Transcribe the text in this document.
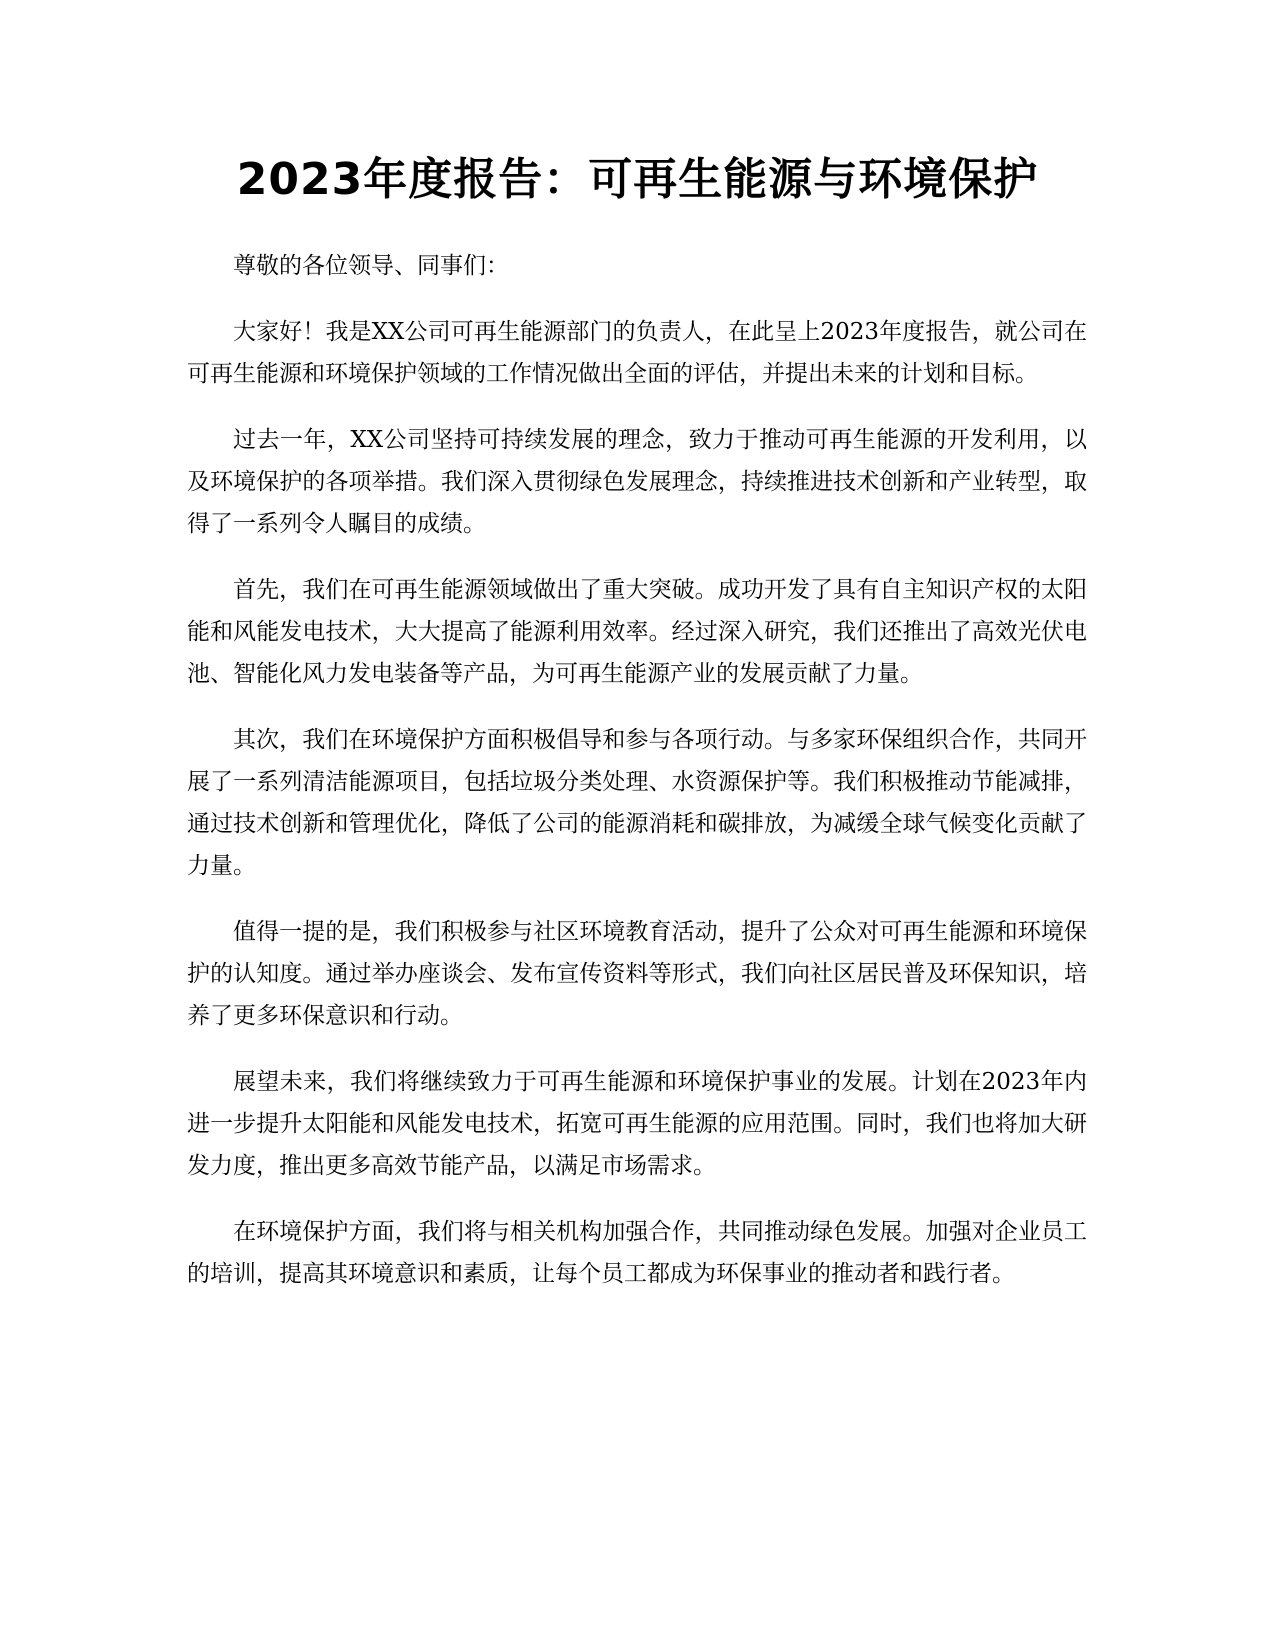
2023年度报告：可再生能源与环境保护

尊敬的各位领导、同事们：

大家好！我是XX公司可再生能源部门的负责人，在此呈上2023年度报告，就公司在可再生能源和环境保护领域的工作情况做出全面的评估，并提出未来的计划和目标。

过去一年，XX公司坚持可持续发展的理念，致力于推动可再生能源的开发利用，以及环境保护的各项举措。我们深入贯彻绿色发展理念，持续推进技术创新和产业转型，取得了一系列令人瞩目的成绩。

首先，我们在可再生能源领域做出了重大突破。成功开发了具有自主知识产权的太阳能和风能发电技术，大大提高了能源利用效率。经过深入研究，我们还推出了高效光伏电池、智能化风力发电装备等产品，为可再生能源产业的发展贡献了力量。

其次，我们在环境保护方面积极倡导和参与各项行动。与多家环保组织合作，共同开展了一系列清洁能源项目，包括垃圾分类处理、水资源保护等。我们积极推动节能减排，通过技术创新和管理优化，降低了公司的能源消耗和碳排放，为减缓全球气候变化贡献了力量。

值得一提的是，我们积极参与社区环境教育活动，提升了公众对可再生能源和环境保护的认知度。通过举办座谈会、发布宣传资料等形式，我们向社区居民普及环保知识，培养了更多环保意识和行动。

展望未来，我们将继续致力于可再生能源和环境保护事业的发展。计划在2023年内进一步提升太阳能和风能发电技术，拓宽可再生能源的应用范围。同时，我们也将加大研发力度，推出更多高效节能产品，以满足市场需求。

在环境保护方面，我们将与相关机构加强合作，共同推动绿色发展。加强对企业员工的培训，提高其环境意识和素质，让每个员工都成为环保事业的推动者和践行者。
